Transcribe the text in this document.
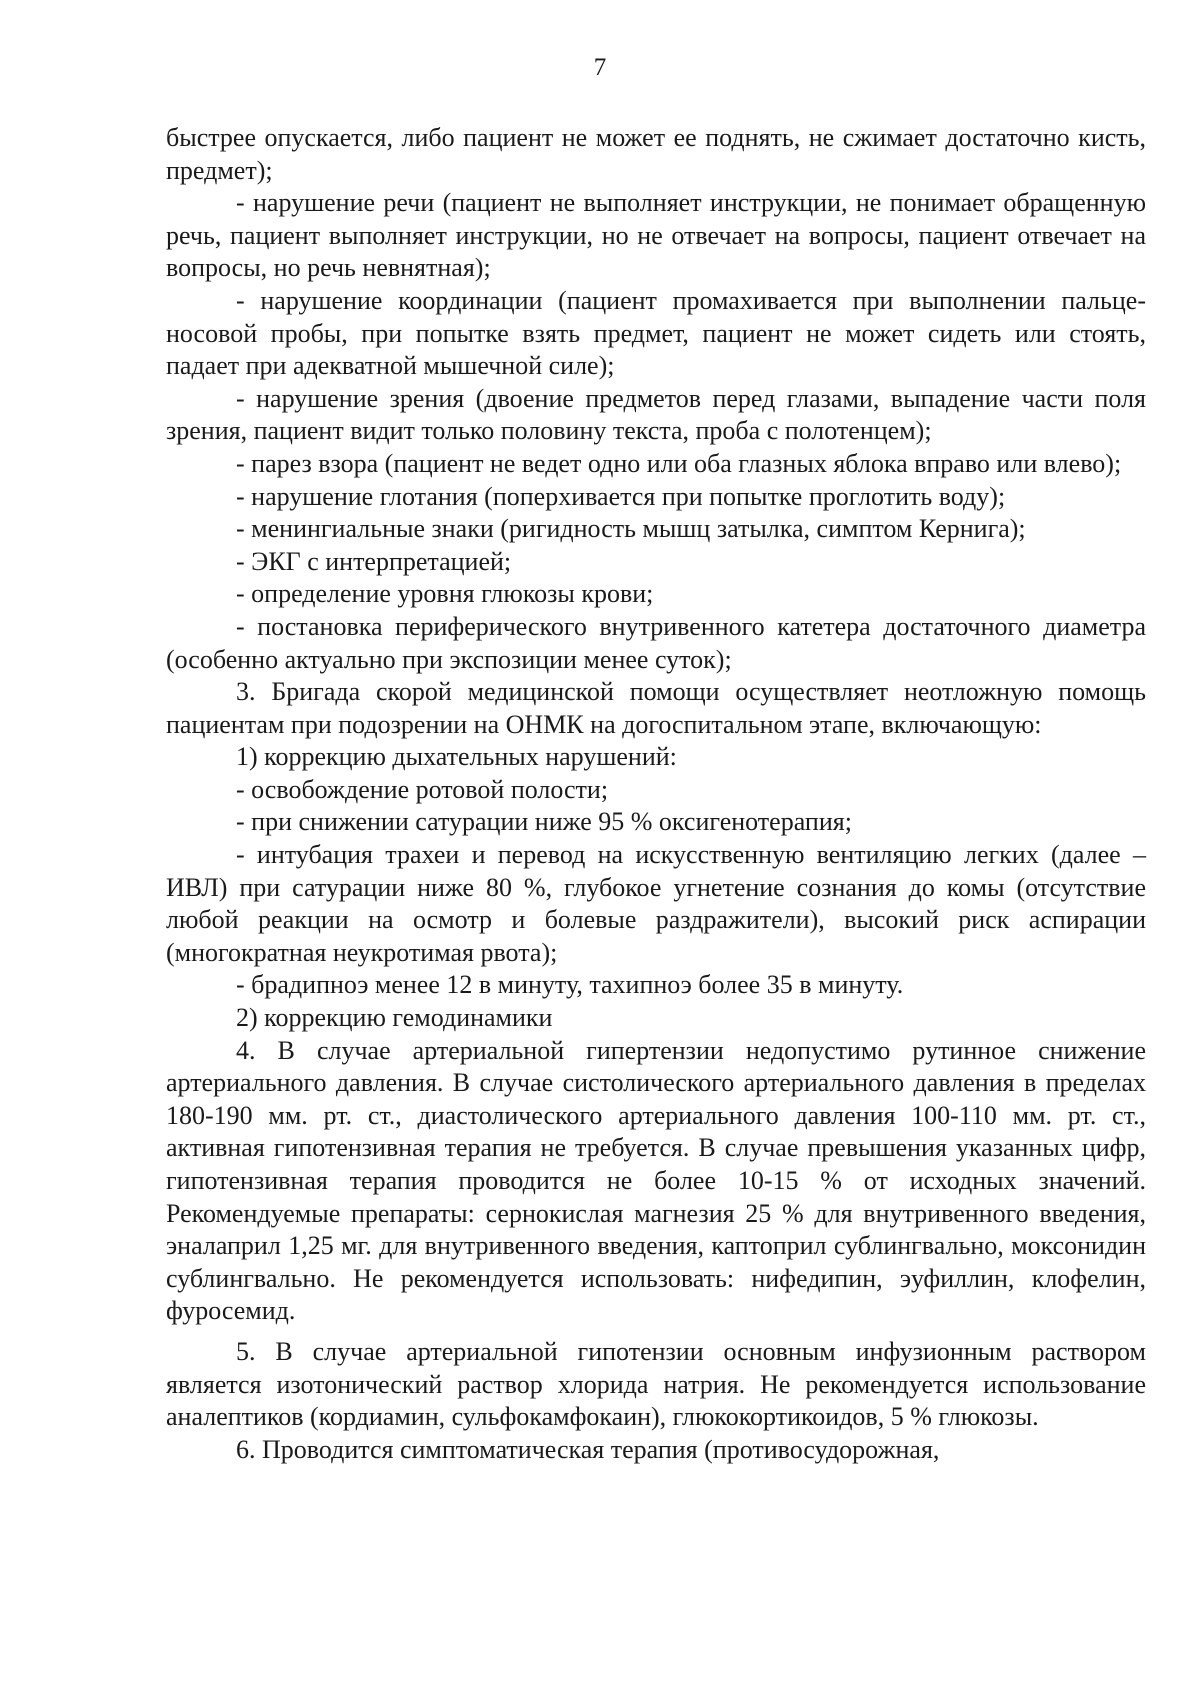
7

быстрее опускается, либо пациент не может ее поднять, не сжимает достаточно кисть, предмет);

- нарушение речи (пациент не выполняет инструкции, не понимает обращенную речь, пациент выполняет инструкции, но не отвечает на вопросы, пациент отвечает на вопросы, но речь невнятная);

- нарушение координации (пациент промахивается при выполнении пальце-носовой пробы, при попытке взять предмет, пациент не может сидеть или стоять, падает при адекватной мышечной силе);

- нарушение зрения (двоение предметов перед глазами, выпадение части поля зрения, пациент видит только половину текста, проба с полотенцем);

- парез взора (пациент не ведет одно или оба глазных яблока вправо или влево);

- нарушение глотания (поперхивается при попытке проглотить воду);

- менингиальные знаки (ригидность мышц затылка, симптом Кернига);

- ЭКГ с интерпретацией;

- определение уровня глюкозы крови;

- постановка периферического внутривенного катетера достаточного диаметра (особенно актуально при экспозиции менее суток);

3. Бригада скорой медицинской помощи осуществляет неотложную помощь пациентам при подозрении на ОНМК на догоспитальном этапе, включающую:

1) коррекцию дыхательных нарушений:

- освобождение ротовой полости;

- при снижении сатурации ниже 95 % оксигенотерапия;

- интубация трахеи и перевод на искусственную вентиляцию легких (далее – ИВЛ) при сатурации ниже 80 %, глубокое угнетение сознания до комы (отсутствие любой реакции на осмотр и болевые раздражители), высокий риск аспирации (многократная неукротимая рвота);

- брадипноэ менее 12 в минуту, тахипноэ более 35 в минуту.

2) коррекцию гемодинамики

4. В случае артериальной гипертензии недопустимо рутинное снижение артериального давления. В случае систолического артериального давления в пределах 180-190 мм. рт. ст., диастолического артериального давления 100-110 мм. рт. ст., активная гипотензивная терапия не требуется. В случае превышения указанных цифр, гипотензивная терапия проводится не более 10-15 % от исходных значений. Рекомендуемые препараты: сернокислая магнезия 25 % для внутривенного введения, эналаприл 1,25 мг. для внутривенного введения, каптоприл сублингвально, моксонидин сублингвально. Не рекомендуется использовать: нифедипин, эуфиллин, клофелин, фуросемид.

5. В случае артериальной гипотензии основным инфузионным раствором является изотонический раствор хлорида натрия. Не рекомендуется использование аналептиков (кордиамин, сульфокамфокаин), глюкокортикоидов, 5 % глюкозы.

6. Проводится симптоматическая терапия (противосудорожная,
